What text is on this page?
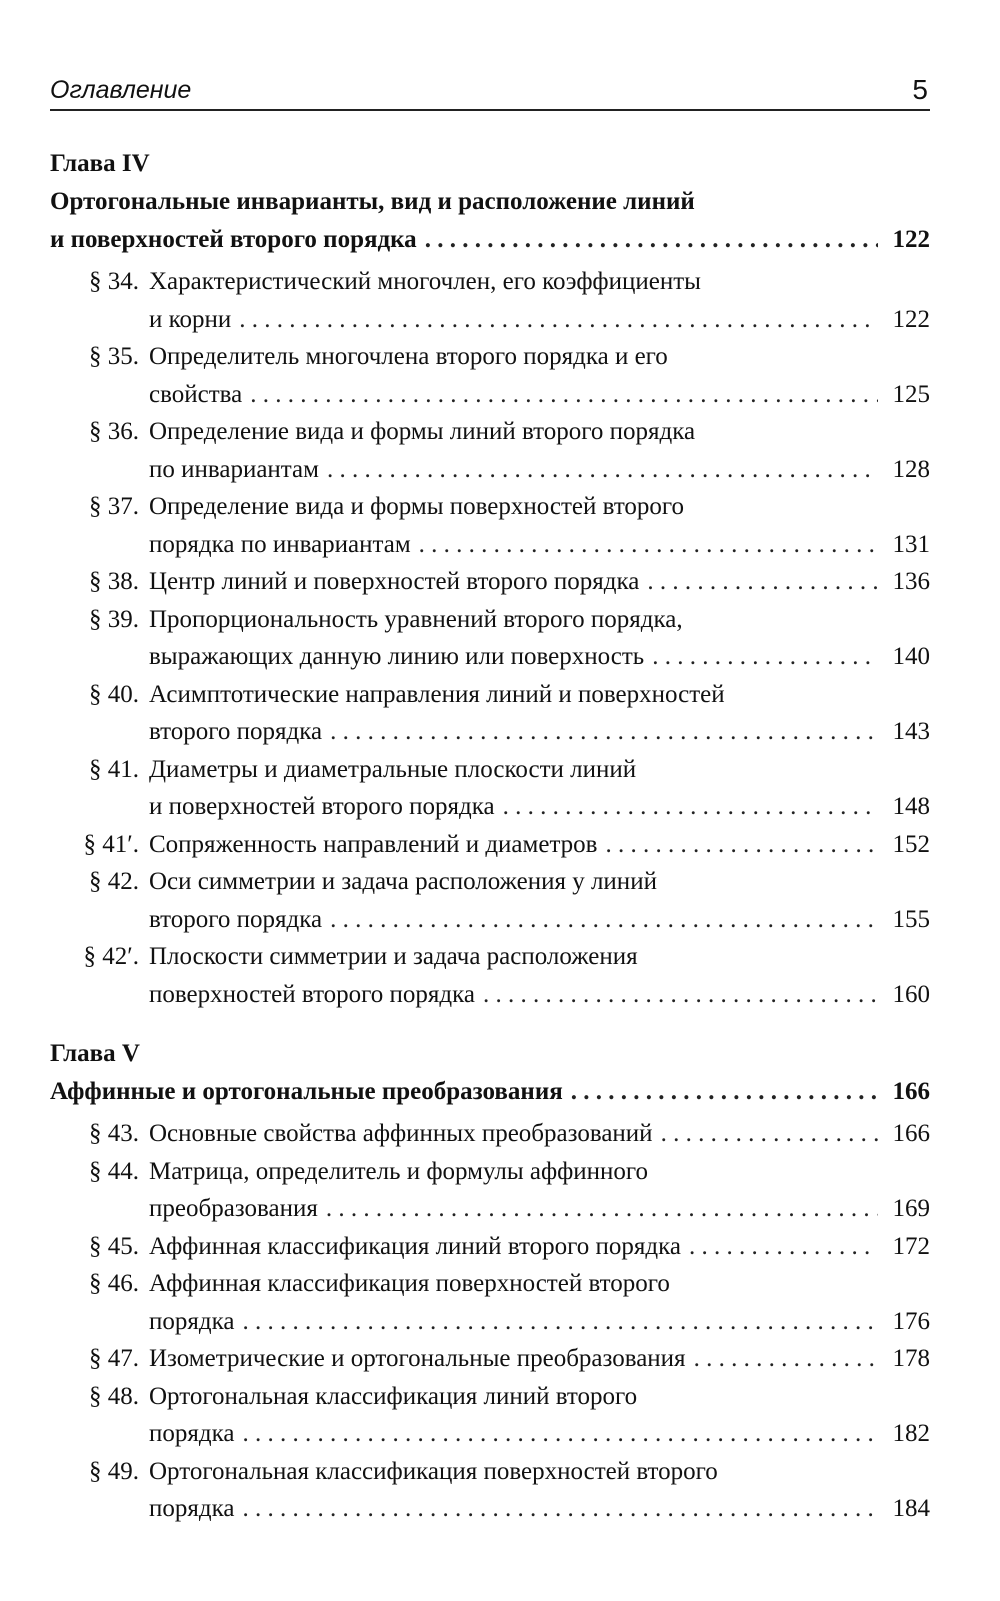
Оглавление	5
Глава IV
Ортогональные инварианты, вид и расположение линий
и поверхностей второго порядка . . .	122
§ 34. Характеристический многочлен, его коэффициенты
и корни . . .	122
§ 35. Определитель многочлена второго порядка и его
свойства . . .	125
§ 36. Определение вида и формы линий второго порядка
по инвариантам . . .	128
§ 37. Определение вида и формы поверхностей второго
порядка по инвариантам . . .	131
§ 38. Центр линий и поверхностей второго порядка . . .	136
§ 39. Пропорциональность уравнений второго порядка,
выражающих данную линию или поверхность . . .	140
§ 40. Асимптотические направления линий и поверхностей
второго порядка . . .	143
§ 41. Диаметры и диаметральные плоскости линий
и поверхностей второго порядка . . .	148
§ 41′. Сопряженность направлений и диаметров . . .	152
§ 42. Оси симметрии и задача расположения у линий
второго порядка . . .	155
§ 42′. Плоскости симметрии и задача расположения
поверхностей второго порядка . . .	160
Глава V
Аффинные и ортогональные преобразования . . .	166
§ 43. Основные свойства аффинных преобразований . . .	166
§ 44. Матрица, определитель и формулы аффинного
преобразования . . .	169
§ 45. Аффинная классификация линий второго порядка . . .	172
§ 46. Аффинная классификация поверхностей второго
порядка . . .	176
§ 47. Изометрические и ортогональные преобразования . . .	178
§ 48. Ортогональная классификация линий второго
порядка . . .	182
§ 49. Ортогональная классификация поверхностей второго
порядка . . .	184
